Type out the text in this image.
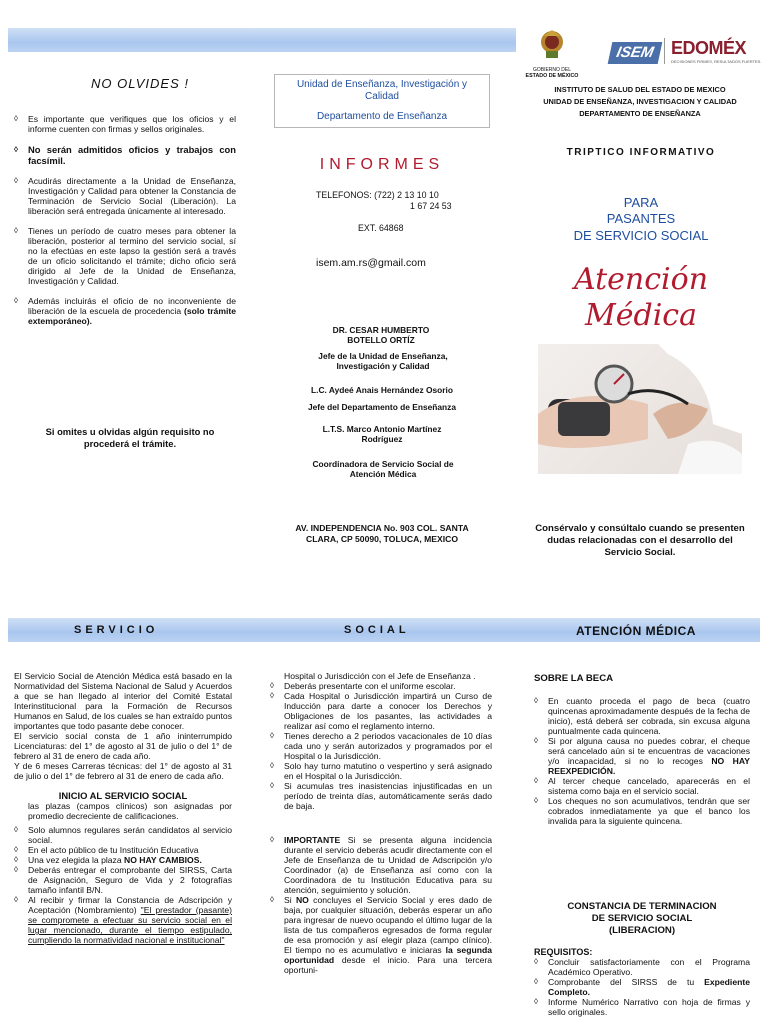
NO OLVIDES !
◊ Es importante que verifiques que los oficios y el informe cuenten con firmas y sellos originales.
◊ No serán admitidos oficios y trabajos con facsímil.
◊ Acudirás directamente a la Unidad de Enseñanza, Investigación y Calidad para obtener la Constancia de Terminación de Servicio Social (Liberación). La liberación será entregada únicamente al interesado.
◊ Tienes un período de cuatro meses para obtener la liberación, posterior al termino del servicio social, sí no la efectúas en este lapso la gestión será a través de un oficio solicitando el trámite; dicho oficio será dirigido al Jefe de la Unidad de Enseñanza, Investigación y Calidad.
◊ Además incluirás el oficio de no inconveniente de liberación de la escuela de procedencia (solo trámite extemporáneo).
Si omites u olvidas algún requisito no procederá el trámite.
Unidad de Enseñanza, Investigación y Calidad
Departamento de Enseñanza
INFORMES
TELEFONOS: (722) 2 13 10 10
1 67 24 53
EXT. 64868
isem.am.rs@gmail.com
DR. CESAR HUMBERTO BOTELLO ORTÍZ
Jefe de la Unidad de Enseñanza, Investigación y Calidad
L.C. Aydeé Anais Hernández Osorio
Jefe del Departamento de Enseñanza
L.T.S. Marco Antonio Martínez Rodríguez
Coordinadora de Servicio Social de Atención Médica
AV. INDEPENDENCIA No. 903 COL. SANTA CLARA, CP 50090, TOLUCA, MEXICO
GOBIERNO DEL
ESTADO DE MÉXICO
ISEM EDOMÉX
DECISIONES FIRMES, RESULTADOS FUERTES.
INSTITUTO DE SALUD DEL ESTADO DE MEXICO
UNIDAD DE ENSEÑANZA, INVESTIGACION Y CALIDAD
DEPARTAMENTO DE ENSEÑANZA
TRIPTICO INFORMATIVO
PARA
PASANTES
DE SERVICIO SOCIAL
Atención
Médica
Consérvalo y consúltalo cuando se presenten dudas relacionadas con el desarrollo del Servicio Social.
SERVICIO	SOCIAL	ATENCIÓN MÉDICA
El Servicio Social de Atención Médica está basado en la Normatividad del Sistema Nacional de Salud y Acuerdos a que se han llegado al interior del Comité Estatal Interinstitucional para la Formación de Recursos Humanos en Salud, de los cuales se han extraído puntos importantes que todo pasante debe conocer.
El servicio social consta de 1 año ininterrumpido Licenciaturas: del 1° de agosto al 31 de julio o del 1° de febrero al 31 de enero de cada año.
Y de 6 meses Carreras técnicas: del 1° de agosto al 31 de julio o del 1° de febrero al 31 de enero de cada año.
INICIO AL SERVICIO SOCIAL
las plazas (campos clínicos) son asignadas por promedio decreciente de calificaciones.
◊ Solo alumnos regulares serán candidatos al servicio social.
◊ En el acto público de tu Institución Educativa
◊ Una vez elegida la plaza NO HAY CAMBIOS.
◊ Deberás entregar el comprobante del SIRSS, Carta de Asignación, Seguro de Vida y 2 fotografías tamaño infantil B/N.
◊ Al recibir y firmar la Constancia de Adscripción y Aceptación (Nombramiento) "El prestador (pasante) se compromete a efectuar su servicio social en el lugar mencionado, durante el tiempo estipulado, cumpliendo la normatividad nacional e institucional"
Hospital o Jurisdicción con el Jefe de Enseñanza .
◊ Deberás presentarte con el uniforme escolar.
◊ Cada Hospital o Jurisdicción impartirá un Curso de Inducción para darte a conocer los Derechos y Obligaciones de los pasantes, las actividades a realizar así como el reglamento interno.
◊ Tienes derecho a 2 periodos vacacionales de 10 días cada uno y serán autorizados y programados por el Hospital o la Jurisdicción.
◊ Solo hay turno matutino o vespertino y será asignado en el Hospital o la Jurisdicción.
◊ Si acumulas tres inasistencias injustificadas en un período de treinta días, automáticamente serás dado de baja.
◊ IMPORTANTE Si se presenta alguna incidencia durante el servicio deberás acudir directamente con el Jefe de Enseñanza de tu Unidad de Adscripción y/o Coordinador (a) de Enseñanza así como con la Coordinadora de tu Institución Educativa para su atención, seguimiento y solución.
◊ Si NO concluyes el Servicio Social y eres dado de baja, por cualquier situación, deberás esperar un año para ingresar de nuevo ocupando el último lugar de la lista de tus compañeros egresados de forma regular de esa promoción y así elegir plaza (campo clínico). El tiempo no es acumulativo e iniciaras la segunda oportunidad desde el inicio. Para una tercera oportuni-
SOBRE LA BECA
◊ En cuanto proceda el pago de beca (cuatro quincenas aproximadamente después de la fecha de inicio), está deberá ser cobrada, sin excusa alguna puntualmente cada quincena.
◊ Si por alguna causa no puedes cobrar, el cheque será cancelado aún si te encuentras de vacaciones y/o incapacidad, si no lo recoges NO HAY REEXPEDICIÓN.
◊ Al tercer cheque cancelado, aparecerás en el sistema como baja en el servicio social.
◊ Los cheques no son acumulativos, tendrán que ser cobrados inmediatamente ya que el banco los invalida para la siguiente quincena.
CONSTANCIA DE TERMINACION
DE SERVICIO SOCIAL
(LIBERACION)
REQUISITOS:
◊ Concluir satisfactoriamente con el Programa Académico Operativo.
◊ Comprobante del SIRSS de tu Expediente Completo.
◊ Informe Numérico Narrativo con hoja de firmas y sello originales.
